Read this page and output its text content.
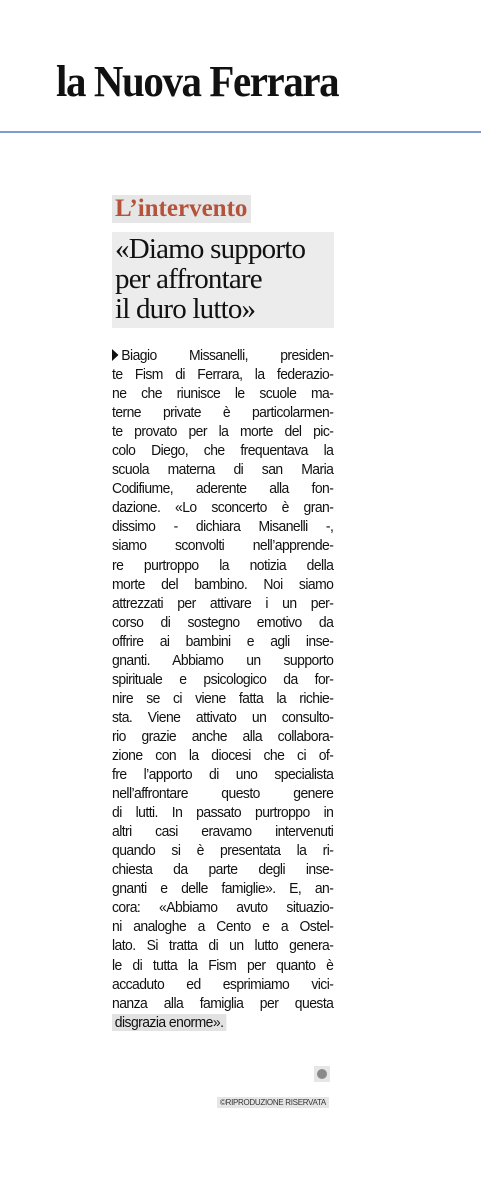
la Nuova Ferrara
L’intervento
«Diamo supporto
per affrontare
il duro lutto»
Biagio Missanelli, presiden-
te Fism di Ferrara, la federazio-
ne che riunisce le scuole ma-
terne private è particolarmen-
te provato per la morte del pic-
colo Diego, che frequentava la
scuola materna di san Maria
Codifiume, aderente alla fon-
dazione. «Lo sconcerto è gran-
dissimo - dichiara Misanelli -,
siamo sconvolti nell’apprende-
re purtroppo la notizia della
morte del bambino. Noi siamo
attrezzati per attivare i un per-
corso di sostegno emotivo da
offrire ai bambini e agli inse-
gnanti. Abbiamo un supporto
spirituale e psicologico da for-
nire se ci viene fatta la richie-
sta. Viene attivato un consulto-
rio grazie anche alla collabora-
zione con la diocesi che ci of-
fre l’apporto di uno specialista
nell’affrontare questo genere
di lutti. In passato purtroppo in
altri casi eravamo intervenuti
quando si è presentata la ri-
chiesta da parte degli inse-
gnanti e delle famiglie». E, an-
cora: «Abbiamo avuto situazio-
ni analoghe a Cento e a Ostel-
lato. Si tratta di un lutto genera-
le di tutta la Fism per quanto è
accaduto ed esprimiamo vici-
nanza alla famiglia per questa
disgrazia enorme».
©RIPRODUZIONE RISERVATA
